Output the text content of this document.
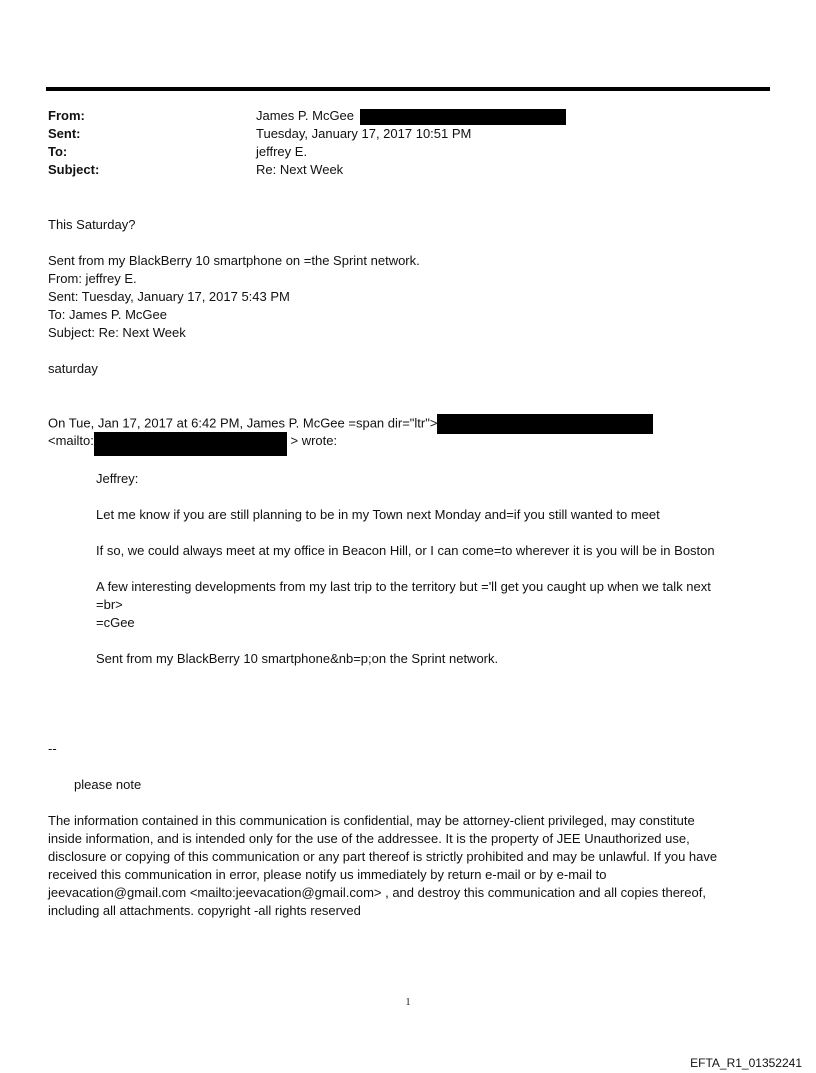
From:	James P. McGee
Sent:	Tuesday, January 17, 2017 10:51 PM
To:	jeffrey E.
Subject:	Re: Next Week
This Saturday?
Sent from my BlackBerry 10 smartphone on =the Sprint network.
From: jeffrey E.
Sent: Tuesday, January 17, 2017 5:43 PM
To: James P. McGee
Subject: Re: Next Week
saturday
On Tue, Jan 17, 2017 at 6:42 PM, James P. McGee =span dir="ltr">
<mailto:	> wrote:
Jeffrey:
Let me know if you are still planning to be in my Town next Monday and=if you still wanted to meet
If so, we could always meet at my office in Beacon Hill, or I can come=to wherever it is you will be in Boston
A few interesting developments from my last trip to the territory but ='ll get you caught up when we talk next
=br>
=cGee
Sent from my BlackBerry 10 smartphone&nb=p;on the Sprint network.
--
please note
The information contained in this communication is confidential, may be attorney-client privileged, may constitute
inside information, and is intended only for the use of the addressee. It is the property of JEE Unauthorized use,
disclosure or copying of this communication or any part thereof is strictly prohibited and may be unlawful. If you have
received this communication in error, please notify us immediately by return e-mail or by e-mail to
jeevacation@gmail.com <mailto:jeevacation@gmail.com> , and destroy this communication and all copies thereof,
including all attachments. copyright -all rights reserved
1
EFTA_R1_01352241
